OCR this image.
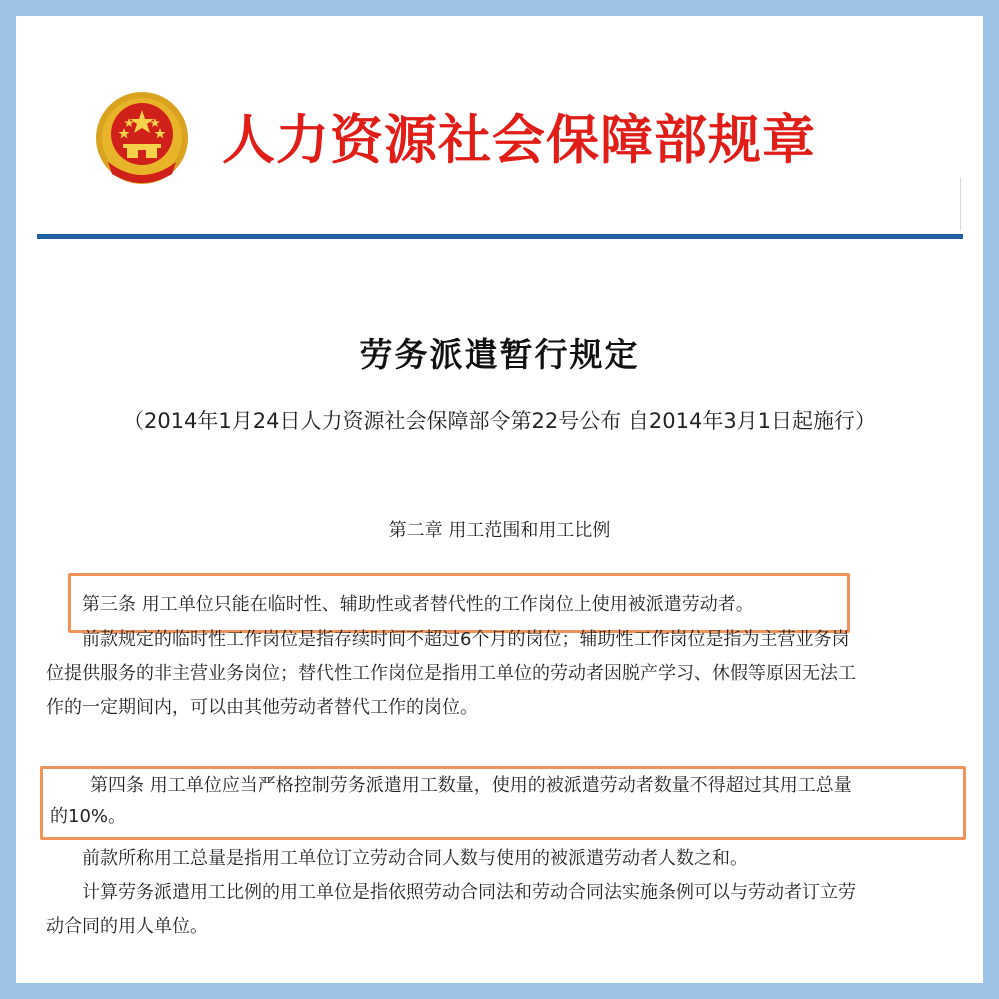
人力资源社会保障部规章
劳务派遣暂行规定
（2014年1月24日人力资源社会保障部令第22号公布 自2014年3月1日起施行）
第二章 用工范围和用工比例
第三条 用工单位只能在临时性、辅助性或者替代性的工作岗位上使用被派遣劳动者。
前款规定的临时性工作岗位是指存续时间不超过6个月的岗位；辅助性工作岗位是指为主营业务岗
位提供服务的非主营业务岗位；替代性工作岗位是指用工单位的劳动者因脱产学习、休假等原因无法工
作的一定期间内，可以由其他劳动者替代工作的岗位。
第四条 用工单位应当严格控制劳务派遣用工数量，使用的被派遣劳动者数量不得超过其用工总量
的10%。
前款所称用工总量是指用工单位订立劳动合同人数与使用的被派遣劳动者人数之和。
计算劳务派遣用工比例的用工单位是指依照劳动合同法和劳动合同法实施条例可以与劳动者订立劳
动合同的用人单位。
